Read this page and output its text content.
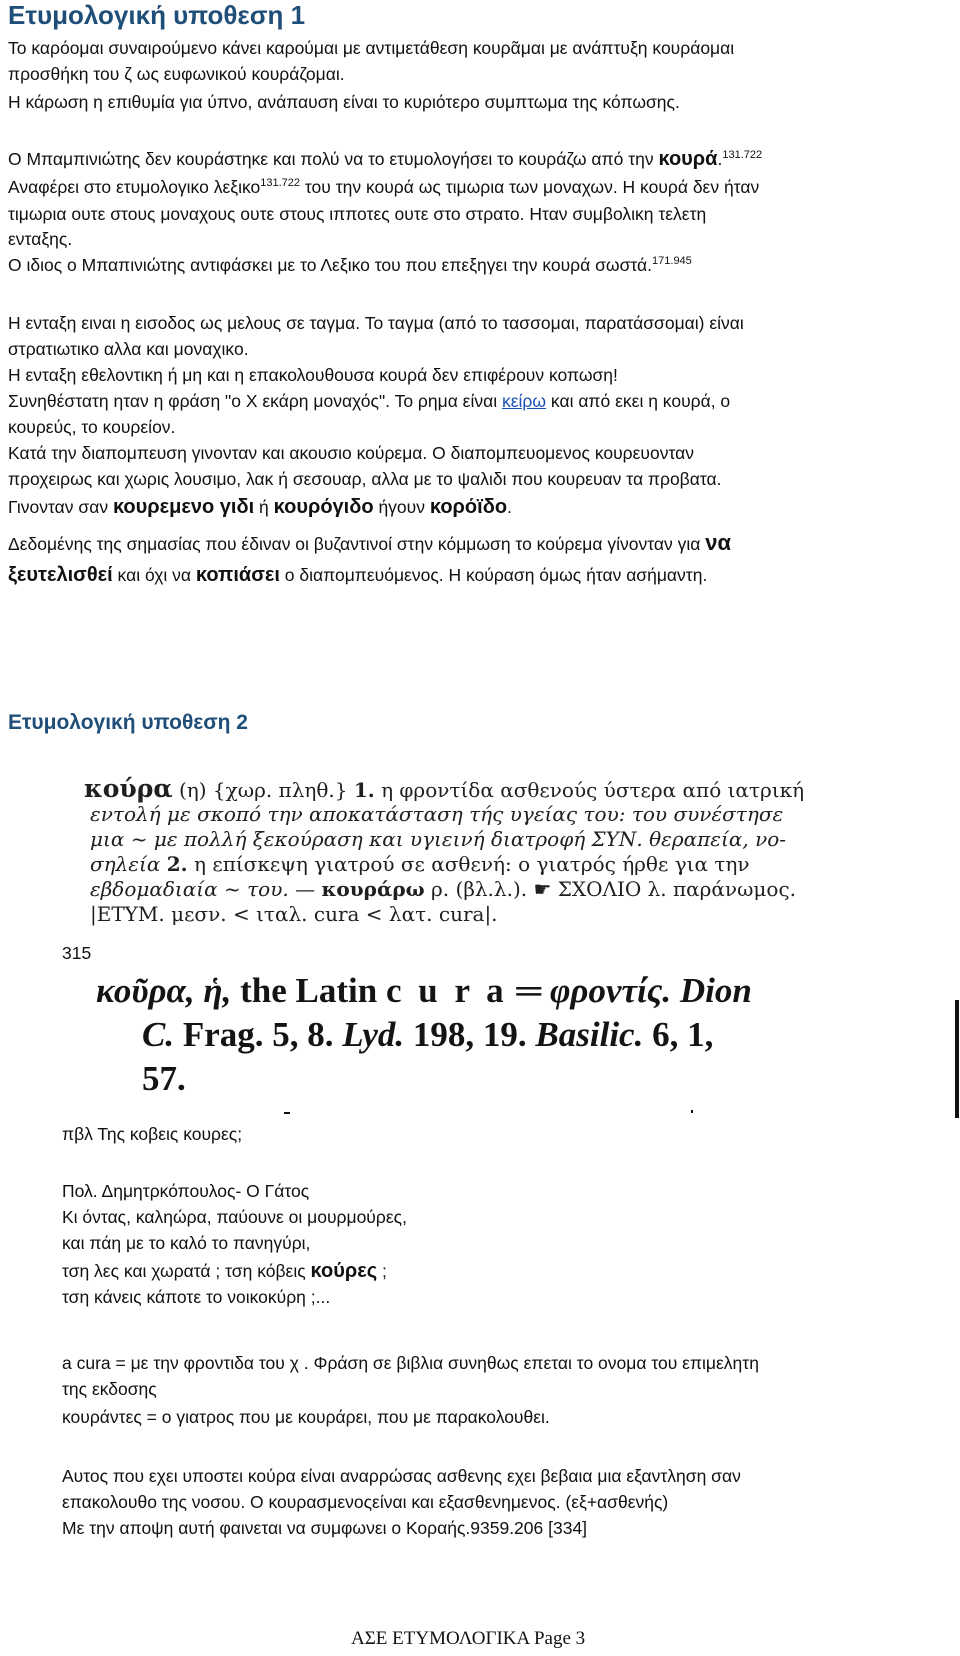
Ετυμολογική υποθεση 1
Το καρόομαι συναιρούμενο κάνει καρούμαι με αντιμετάθεση κουρᾶμαι με ανάπτυξη κουράομαι
προσθήκη του ζ ως ευφωνικού κουράζομαι.
Η κάρωση η επιθυμία για ύπνο, ανάπαυση είναι το κυριότερο συμπτωμα της κόπωσης.
Ο Μπαμπινιώτης δεν κουράστηκε και πολύ να το ετυμολογήσει το κουράζω από την κουρά.$^{131.722}$
Αναφέρει στο ετυμολογικο λεξικο$^{131.722}$ του την κουρά ως τιμωρια των μοναχων. Η κουρά δεν ήταν
τιμωρια ουτε στους μοναχους ουτε στους ιπποτες ουτε στο στρατο. Ηταν συμβολικη τελετη
ενταξης.
Ο ιδιος ο Μπαπινιώτης αντιφάσκει με το Λεξικο του που επεξηγει την κουρά σωστά.$^{171.945}$
Η ενταξη ειναι η εισοδος ως μελους σε ταγμα. Το ταγμα (από το τασσομαι, παρατάσσομαι) είναι
στρατιωτικο αλλα και μοναχικο.
Η ενταξη εθελοντικη ή μη και η επακολουθουσα κουρά δεν επιφέρουν κοπωση!
Συνηθέστατη ηταν η φράση "ο Χ εκάρη μοναχός". Το ρημα είναι κείρω και από εκει η κουρά, ο
κουρεύς, το κουρείον.
Κατά την διαπομπευση γινονταν και ακουσιο κούρεμα. Ο διαπομπευομενος κουρευονταν
προχειρως και χωρις λουσιμο, λακ ή σεσουαρ, αλλα με το ψαλιδι που κουρευαν τα προβατα.
Γινονταν σαν κουρεμενο γιδι ή κουρόγιδο ήγουν κορόϊδο.
Δεδομένης της σημασίας που έδιναν οι βυζαντινοί στην κόμμωση το κούρεμα γίνονταν για να
ξευτελισθεί και όχι να κοπιάσει ο διαπομπευόμενος. Η κούραση όμως ήταν ασήμαντη.
Ετυμολογική υποθεση 2
κούρα (η) {χωρ. πληθ.} 1. η φροντίδα ασθενούς ύστερα από ιατρική
εντολή με σκοπό την αποκατάσταση τής υγείας του: του συνέστησε
μια ~ με πολλή ξεκούραση και υγιεινή διατροφή ΣΥΝ. θεραπεία, νο-
σηλεία 2. η επίσκεψη γιατρού σε ασθενή: ο γιατρός ήρθε για την
εβδομαδιαία ~ του. — κουράρω ρ. (βλ.λ.). ☛ ΣΧΟΛΙΟ λ. παράνωμος.
|ΕΤΥΜ. μεσν. < ιταλ. cura < λατ. cura|.
315
κοῦρα, ἡ, the Latin c u r a ═ φροντίς. Dion
C. Frag. 5, 8. Lyd. 198, 19. Basilic. 6, 1,
57.
πβλ Της κοβεις κουρες;
Πολ. Δημητρκόπουλος- Ο Γάτος
Κι όντας, καληώρα, παύουνε οι μουρμούρες,
και πάη με το καλό το πανηγύρι,
τση λες και χωρατά ; τση κόβεις κούρες ;
τση κάνεις κάποτε το νοικοκύρη ;...
a cura = με την φροντιδα του χ . Φράση σε βιβλια συνηθως επεται το ονομα του επιμελητη
της εκδοσης
κουράντες = ο γιατρος που με κουράρει, που με παρακολουθει.
Αυτος που εχει υποστει κούρα είναι αναρρώσας ασθενης εχει βεβαια μια εξαντληση σαν
επακολουθο της νοσου. Ο κουρασμενοςείναι και εξασθενημενος. (εξ+ασθενής)
Με την αποψη αυτή φαινεται να συμφωνει ο Κοραής.9359.206 [334]
ΑΣΕ ΕΤΥΜΟΛΟΓΙΚΑ Page 3
